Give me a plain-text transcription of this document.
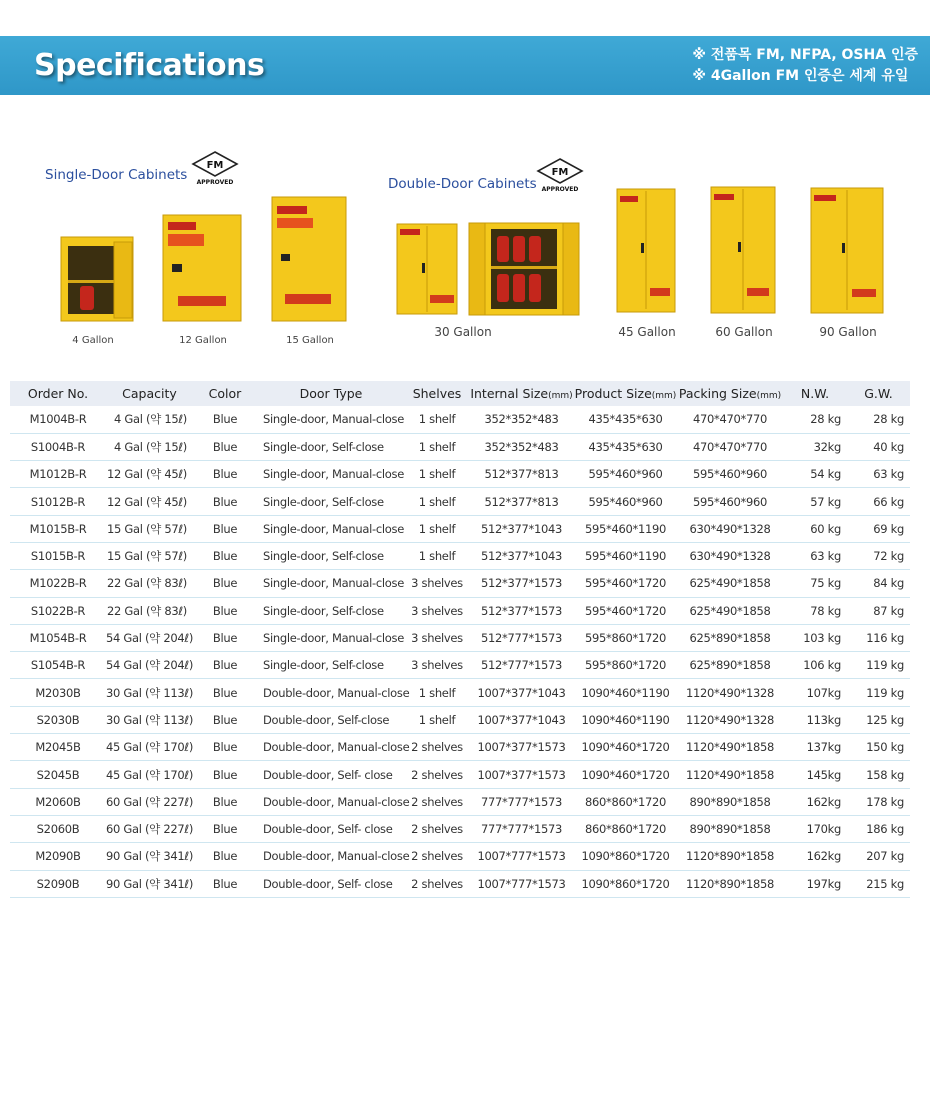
Specifications	※ 전품목 FM, NFPA, OSHA 인증
※ 4Gallon FM 인증은 세계 유일
Single-Door Cabinets
FM
APPROVED
4 Gallon	12 Gallon	15 Gallon
Double-Door Cabinets
FM
APPROVED
30 Gallon	45 Gallon	60 Gallon	90 Gallon
Order No.	Capacity	Color	Door Type	Shelves	Internal Size(mm)	Product Size(mm)	Packing Size(mm)	N.W.	G.W.
M1004B-R	4 Gal (약 15ℓ)	Blue	Single-door, Manual-close	1 shelf	352*352*483	435*435*630	470*470*770	28 kg	28 kg
S1004B-R	4 Gal (약 15ℓ)	Blue	Single-door, Self-close	1 shelf	352*352*483	435*435*630	470*470*770	32kg	40 kg
M1012B-R	12 Gal (약 45ℓ)	Blue	Single-door, Manual-close	1 shelf	512*377*813	595*460*960	595*460*960	54 kg	63 kg
S1012B-R	12 Gal (약 45ℓ)	Blue	Single-door, Self-close	1 shelf	512*377*813	595*460*960	595*460*960	57 kg	66 kg
M1015B-R	15 Gal (약 57ℓ)	Blue	Single-door, Manual-close	1 shelf	512*377*1043	595*460*1190	630*490*1328	60 kg	69 kg
S1015B-R	15 Gal (약 57ℓ)	Blue	Single-door, Self-close	1 shelf	512*377*1043	595*460*1190	630*490*1328	63 kg	72 kg
M1022B-R	22 Gal (약 83ℓ)	Blue	Single-door, Manual-close	3 shelves	512*377*1573	595*460*1720	625*490*1858	75 kg	84 kg
S1022B-R	22 Gal (약 83ℓ)	Blue	Single-door, Self-close	3 shelves	512*377*1573	595*460*1720	625*490*1858	78 kg	87 kg
M1054B-R	54 Gal (약 204ℓ)	Blue	Single-door, Manual-close	3 shelves	512*777*1573	595*860*1720	625*890*1858	103 kg	116 kg
S1054B-R	54 Gal (약 204ℓ)	Blue	Single-door, Self-close	3 shelves	512*777*1573	595*860*1720	625*890*1858	106 kg	119 kg
M2030B	30 Gal (약 113ℓ)	Blue	Double-door, Manual-close	1 shelf	1007*377*1043	1090*460*1190	1120*490*1328	107kg	119 kg
S2030B	30 Gal (약 113ℓ)	Blue	Double-door, Self-close	1 shelf	1007*377*1043	1090*460*1190	1120*490*1328	113kg	125 kg
M2045B	45 Gal (약 170ℓ)	Blue	Double-door, Manual-close	2 shelves	1007*377*1573	1090*460*1720	1120*490*1858	137kg	150 kg
S2045B	45 Gal (약 170ℓ)	Blue	Double-door, Self- close	2 shelves	1007*377*1573	1090*460*1720	1120*490*1858	145kg	158 kg
M2060B	60 Gal (약 227ℓ)	Blue	Double-door, Manual-close	2 shelves	777*777*1573	860*860*1720	890*890*1858	162kg	178 kg
S2060B	60 Gal (약 227ℓ)	Blue	Double-door, Self- close	2 shelves	777*777*1573	860*860*1720	890*890*1858	170kg	186 kg
M2090B	90 Gal (약 341ℓ)	Blue	Double-door, Manual-close	2 shelves	1007*777*1573	1090*860*1720	1120*890*1858	162kg	207 kg
S2090B	90 Gal (약 341ℓ)	Blue	Double-door, Self- close	2 shelves	1007*777*1573	1090*860*1720	1120*890*1858	197kg	215 kg
